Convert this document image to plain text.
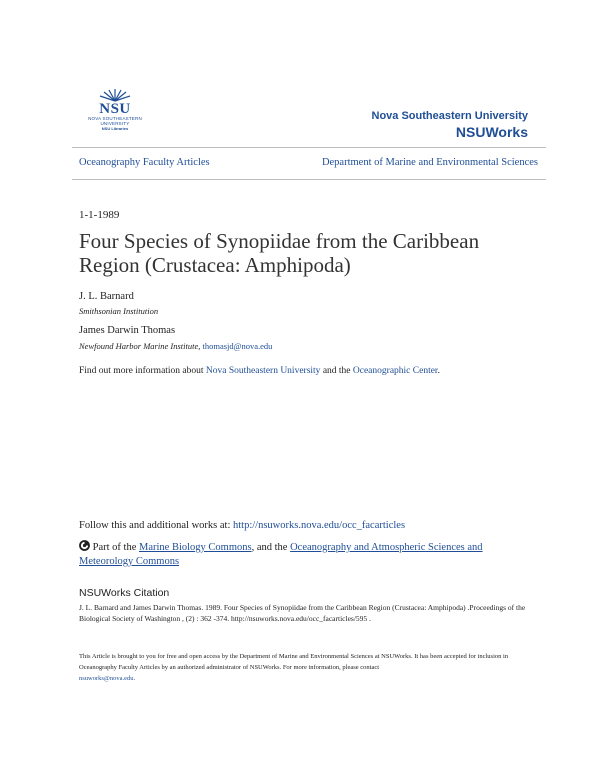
NSU
NOVA SOUTHEASTERN
UNIVERSITY
NSU Libraries
Nova Southeastern University
NSUWorks
Oceanography Faculty Articles	Department of Marine and Environmental Sciences
1-1-1989
Four Species of Synopiidae from the Caribbean Region (Crustacea: Amphipoda)
J. L. Barnard
Smithsonian Institution
James Darwin Thomas
Newfound Harbor Marine Institute, thomasjd@nova.edu
Find out more information about Nova Southeastern University and the Oceanographic Center.
Follow this and additional works at: http://nsuworks.nova.edu/occ_facarticles
Part of the Marine Biology Commons, and the Oceanography and Atmospheric Sciences and Meteorology Commons
NSUWorks Citation
J. L. Barnard and James Darwin Thomas. 1989. Four Species of Synopiidae from the Caribbean Region (Crustacea: Amphipoda) .Proceedings of the Biological Society of Washington , (2) : 362 -374. http://nsuworks.nova.edu/occ_facarticles/595 .
This Article is brought to you for free and open access by the Department of Marine and Environmental Sciences at NSUWorks. It has been accepted for inclusion in Oceanography Faculty Articles by an authorized administrator of NSUWorks. For more information, please contact
nsuworks@nova.edu.
